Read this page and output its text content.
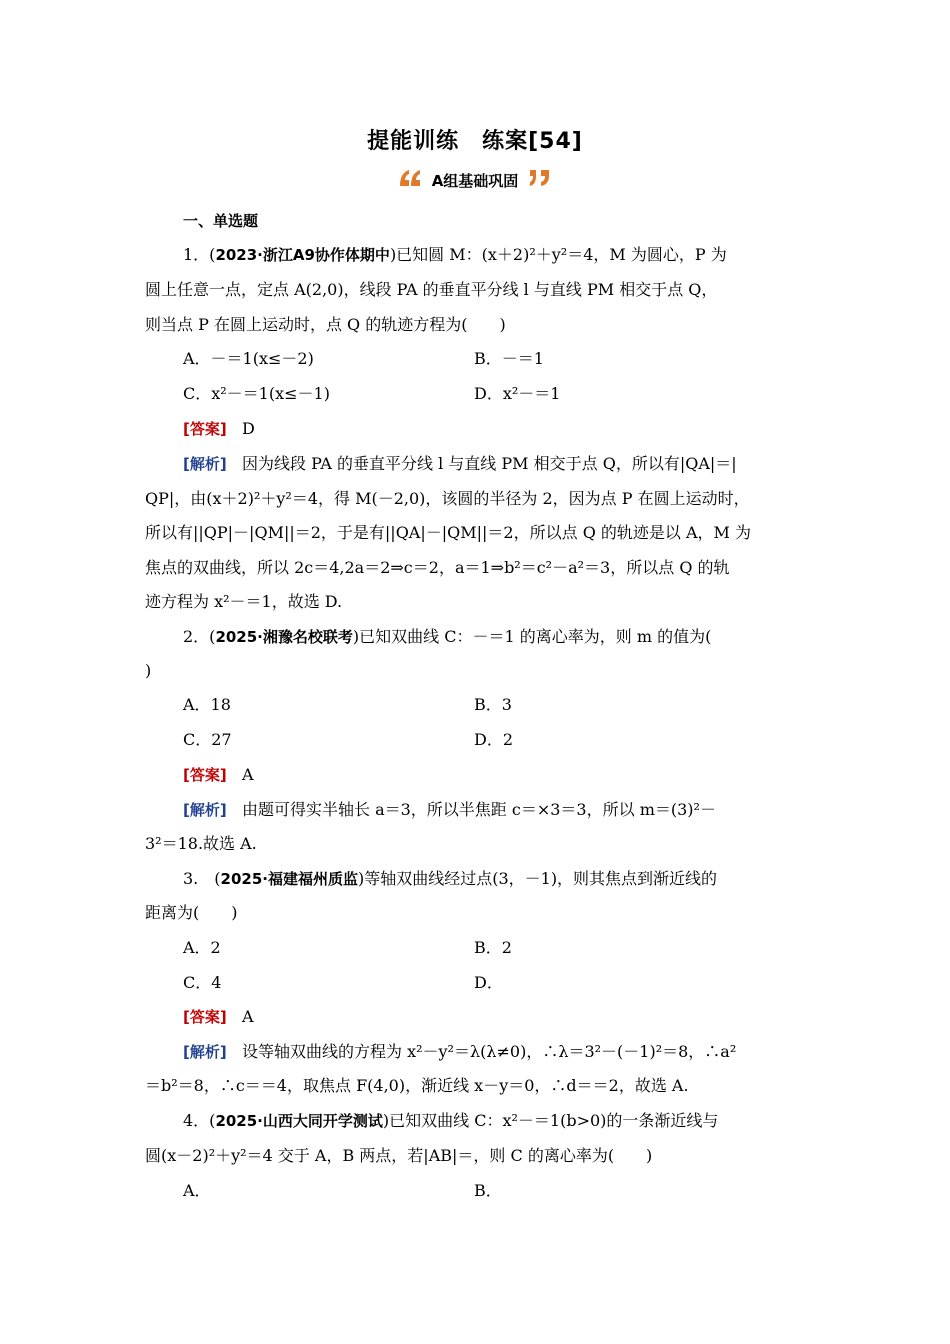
提能训练　练案[54]
A组基础巩固
一、单选题
1．(2023·浙江A9协作体期中)已知圆 M：(x＋2)²＋y²＝4，M 为圆心，P 为
圆上任意一点，定点 A(2,0)，线段 PA 的垂直平分线 l 与直线 PM 相交于点 Q，
则当点 P 在圆上运动时，点 Q 的轨迹方程为(　　)
A．－＝1(x≤－2)	B．－＝1
C．x²－＝1(x≤－1)	D．x²－＝1
[答案] D
[解析] 因为线段 PA 的垂直平分线 l 与直线 PM 相交于点 Q，所以有|QA|＝|
QP|，由(x＋2)²＋y²＝4，得 M(－2,0)，该圆的半径为 2，因为点 P 在圆上运动时，
所以有||QP|－|QM||＝2，于是有||QA|－|QM||＝2，所以点 Q 的轨迹是以 A，M 为
焦点的双曲线，所以 2c＝4,2a＝2⇒c＝2，a＝1⇒b²＝c²－a²＝3，所以点 Q 的轨
迹方程为 x²－＝1，故选 D.
2．(2025·湘豫名校联考)已知双曲线 C：－＝1 的离心率为，则 m 的值为(
)
A．18	B．3
C．27	D．2
[答案] A
[解析] 由题可得实半轴长 a＝3，所以半焦距 c＝×3＝3，所以 m＝(3)²－
3²＝18.故选 A.
3.　(2025·福建福州质监)等轴双曲线经过点(3，－1)，则其焦点到渐近线的
距离为(　　)
A．2	B．2
C．4	D．
[答案] A
[解析] 设等轴双曲线的方程为 x²－y²＝λ(λ≠0)，∴λ＝3²－(－1)²＝8，∴a²
＝b²＝8，∴c＝＝4，取焦点 F(4,0)，渐近线 x－y＝0，∴d＝＝2，故选 A.
4．(2025·山西大同开学测试)已知双曲线 C：x²－＝1(b>0)的一条渐近线与
圆(x－2)²＋y²＝4 交于 A，B 两点，若|AB|＝，则 C 的离心率为(　　)
A．	B．
